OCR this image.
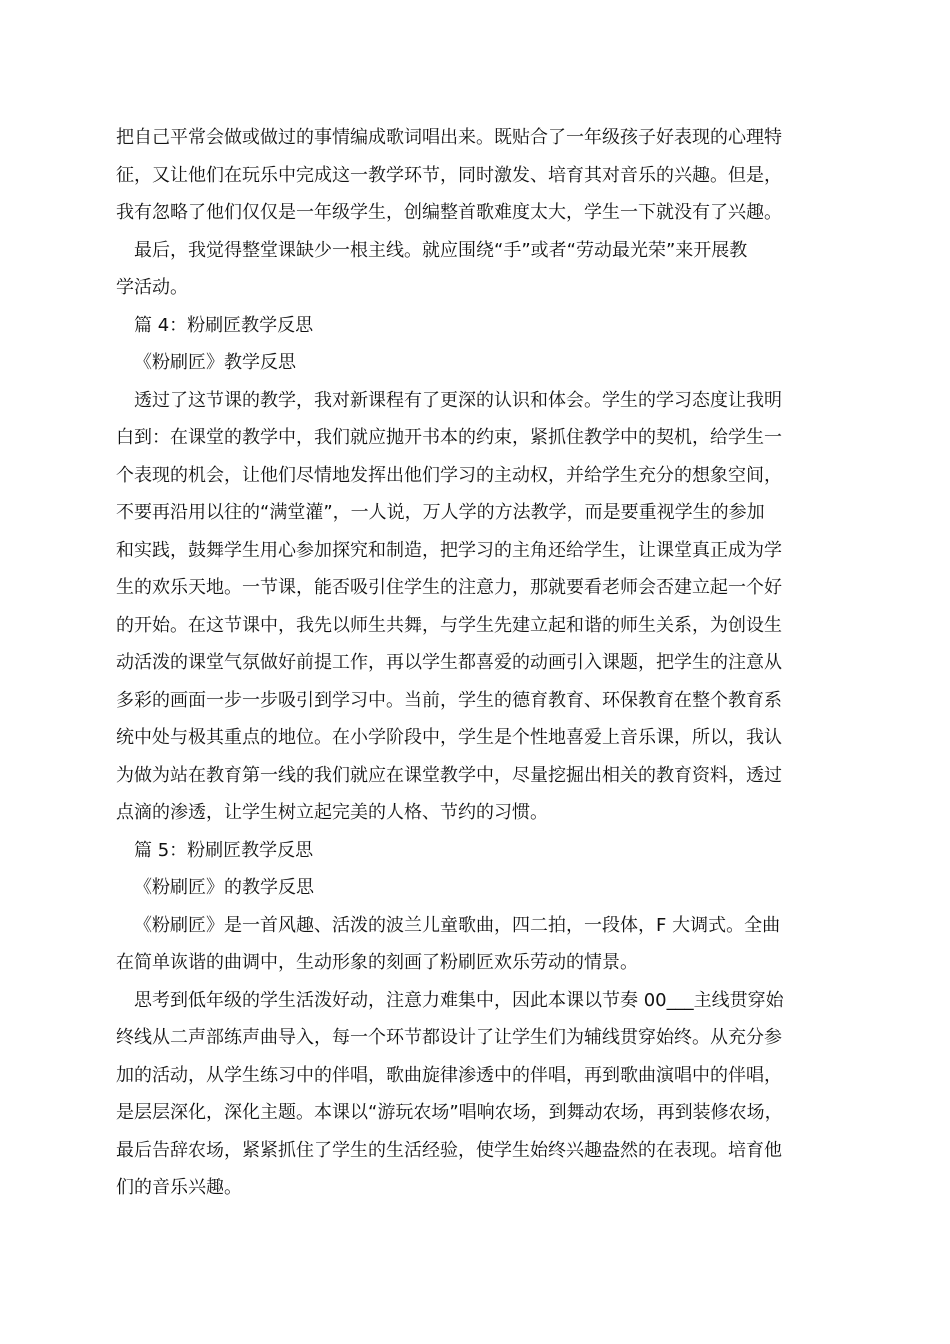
把自己平常会做或做过的事情编成歌词唱出来。既贴合了一年级孩子好表现的心理特
征，又让他们在玩乐中完成这一教学环节，同时激发、培育其对音乐的兴趣。但是，
我有忽略了他们仅仅是一年级学生，创编整首歌难度太大，学生一下就没有了兴趣。
最后，我觉得整堂课缺少一根主线。就应围绕“手”或者“劳动最光荣”来开展教
学活动。
篇 4：粉刷匠教学反思
《粉刷匠》教学反思
透过了这节课的教学，我对新课程有了更深的认识和体会。学生的学习态度让我明
白到：在课堂的教学中，我们就应抛开书本的约束，紧抓住教学中的契机，给学生一
个表现的机会，让他们尽情地发挥出他们学习的主动权，并给学生充分的想象空间，
不要再沿用以往的“满堂灌”，一人说，万人学的方法教学，而是要重视学生的参加
和实践，鼓舞学生用心参加探究和制造，把学习的主角还给学生，让课堂真正成为学
生的欢乐天地。一节课，能否吸引住学生的注意力，那就要看老师会否建立起一个好
的开始。在这节课中，我先以师生共舞，与学生先建立起和谐的师生关系，为创设生
动活泼的课堂气氛做好前提工作，再以学生都喜爱的动画引入课题，把学生的注意从
多彩的画面一步一步吸引到学习中。当前，学生的德育教育、环保教育在整个教育系
统中处与极其重点的地位。在小学阶段中，学生是个性地喜爱上音乐课，所以，我认
为做为站在教育第一线的我们就应在课堂教学中，尽量挖掘出相关的教育资料，透过
点滴的渗透，让学生树立起完美的人格、节约的习惯。
篇 5：粉刷匠教学反思
《粉刷匠》的教学反思
《粉刷匠》是一首风趣、活泼的波兰儿童歌曲，四二拍，一段体，F 大调式。全曲
在简单诙谐的曲调中，生动形象的刻画了粉刷匠欢乐劳动的情景。
思考到低年级的学生活泼好动，注意力难集中，因此本课以节奏 00___主线贯穿始
终线从二声部练声曲导入，每一个环节都设计了让学生们为辅线贯穿始终。从充分参
加的活动，从学生练习中的伴唱，歌曲旋律渗透中的伴唱，再到歌曲演唱中的伴唱，
是层层深化，深化主题。本课以“游玩农场”唱响农场，到舞动农场，再到装修农场，
最后告辞农场，紧紧抓住了学生的生活经验，使学生始终兴趣盎然的在表现。培育他
们的音乐兴趣。
